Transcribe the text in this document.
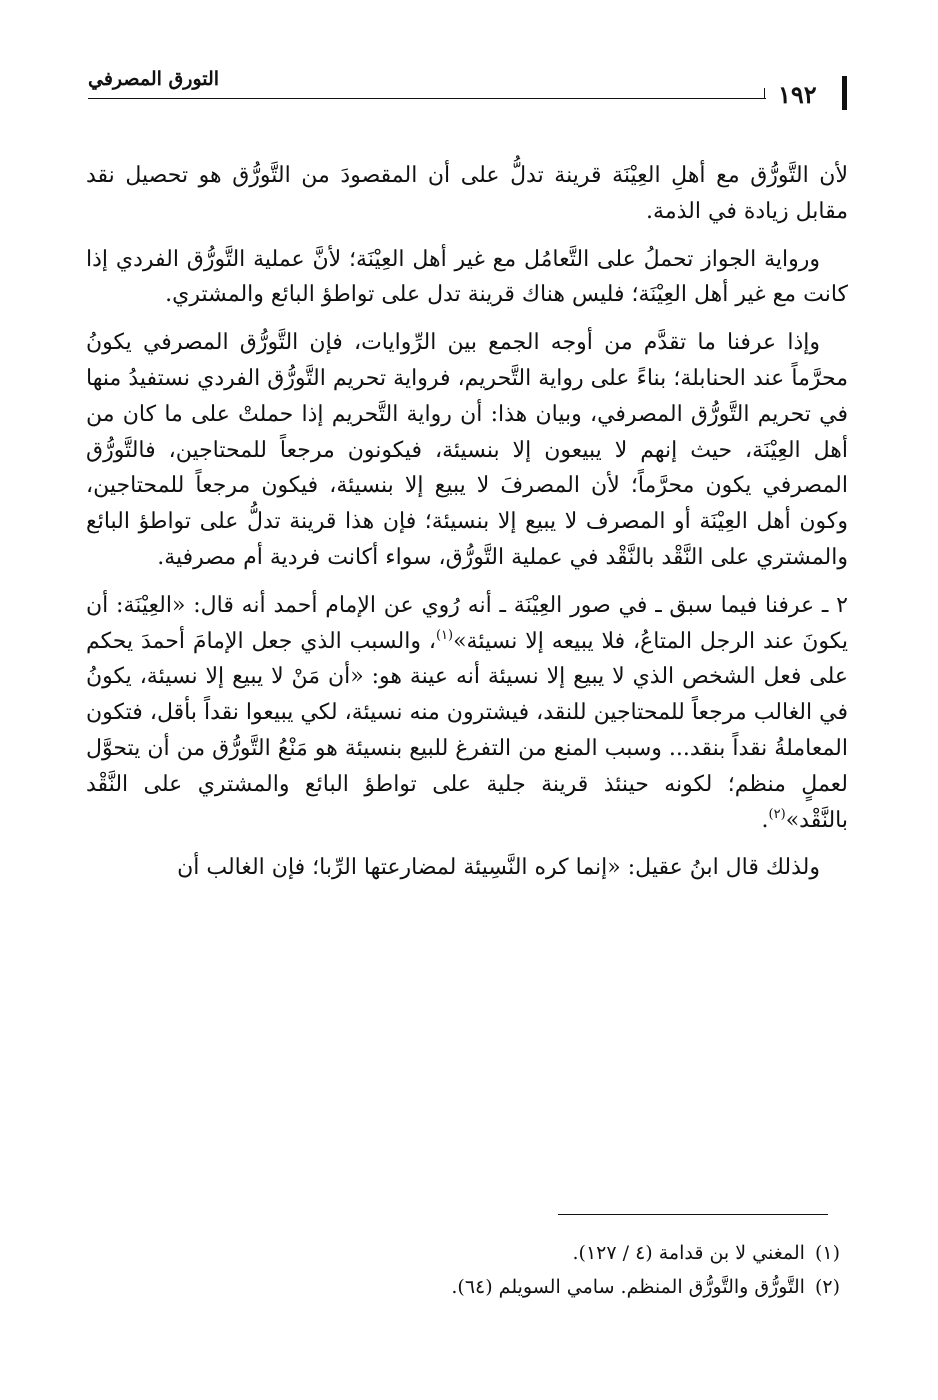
التورق المصرفي
١٩٢

لأن التَّورُّق مع أهلِ العِيْنَة قرينة تدلُّ على أن المقصودَ من التَّورُّق هو تحصيل نقد مقابل زيادة في الذمة.

ورواية الجواز تحملُ على التَّعامُل مع غير أهل العِيْنَة؛ لأنَّ عملية التَّورُّق الفردي إذا كانت مع غير أهل العِيْنَة؛ فليس هناك قرينة تدل على تواطؤ البائع والمشتري.

وإذا عرفنا ما تقدَّم من أوجه الجمع بين الرِّوايات، فإن التَّورُّق المصرفي يكونُ محرَّماً عند الحنابلة؛ بناءً على رواية التَّحريم، فرواية تحريم التَّورُّق الفردي نستفيدُ منها في تحريم التَّورُّق المصرفي، وبيان هذا: أن رواية التَّحريم إذا حملتْ على ما كان من أهل العِيْنَة، حيث إنهم لا يبيعون إلا بنسيئة، فيكونون مرجعاً للمحتاجين، فالتَّورُّق المصرفي يكون محرَّماً؛ لأن المصرفَ لا يبيع إلا بنسيئة، فيكون مرجعاً للمحتاجين، وكون أهل العِيْنَة أو المصرف لا يبيع إلا بنسيئة؛ فإن هذا قرينة تدلُّ على تواطؤ البائع والمشتري على النَّقْد بالنَّقْد في عملية التَّورُّق، سواء أكانت فردية أم مصرفية.

٢ ـ عرفنا فيما سبق ـ في صور العِيْنَة ـ أنه رُوي عن الإمام أحمد أنه قال: «العِيْنَة: أن يكونَ عند الرجل المتاعُ، فلا يبيعه إلا نسيئة»$^{(١)}$، والسبب الذي جعل الإمامَ أحمدَ يحكم على فعل الشخص الذي لا يبيع إلا نسيئة أنه عينة هو: «أن مَنْ لا يبيع إلا نسيئة، يكونُ في الغالب مرجعاً للمحتاجين للنقد، فيشترون منه نسيئة، لكي يبيعوا نقداً بأقل، فتكون المعاملةُ نقداً بنقد... وسبب المنع من التفرغ للبيع بنسيئة هو مَنْعُ التَّورُّق من أن يتحوَّل لعملٍ منظم؛ لكونه حينئذ قرينة جلية على تواطؤ البائع والمشتري على النَّقْد بالنَّقْد»$^{(٢)}$.

ولذلك قال ابنُ عقيل: «إنما كره النَّسِيئة لمضارعتها الرِّبا؛ فإن الغالب أن

(١)
المغني لا بن قدامة (٤ / ١٢٧).
(٢)
التَّورُّق والتَّورُّق المنظم. سامي السويلم (٦٤).
